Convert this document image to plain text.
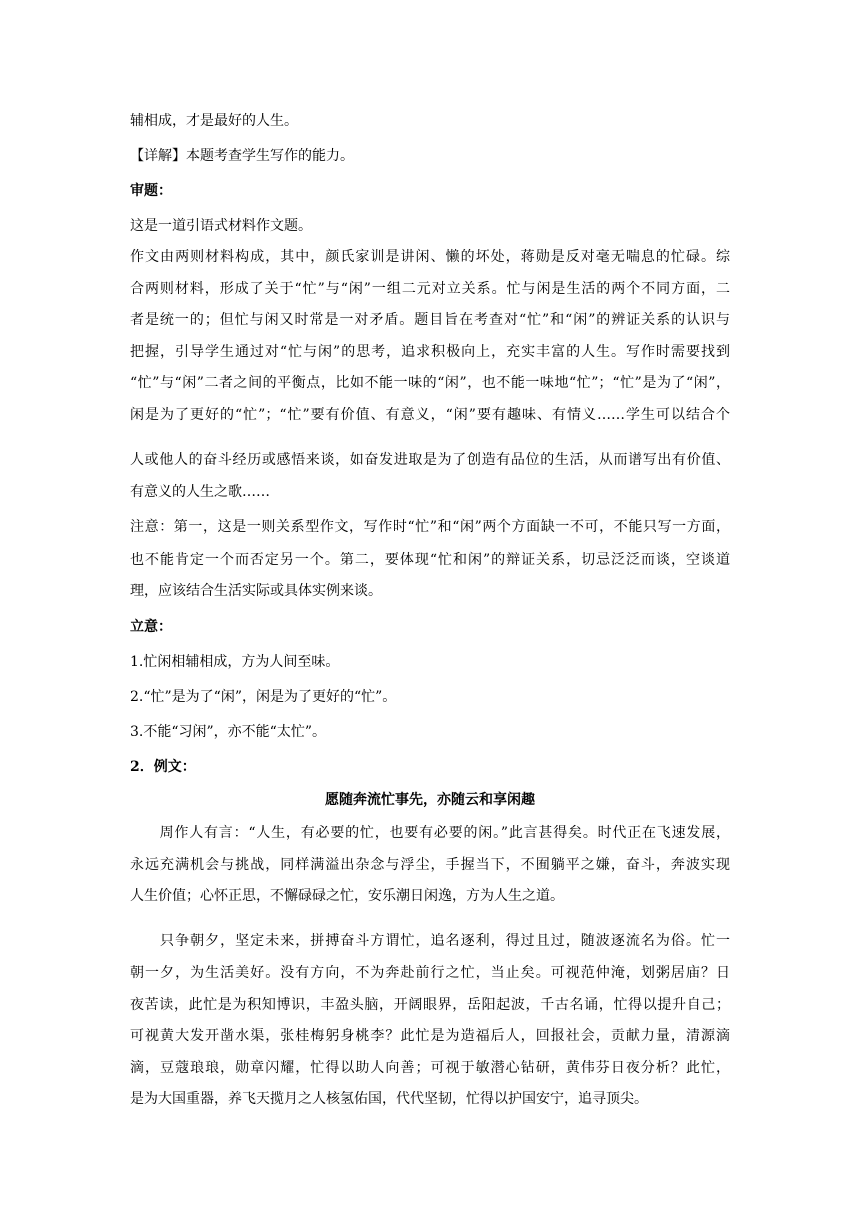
辅相成，才是最好的人生。

【详解】本题考查学生写作的能力。

审题：

这是一道引语式材料作文题。

作文由两则材料构成，其中，颜氏家训是讲闲、懒的坏处，蒋勋是反对毫无喘息的忙碌。综

合两则材料，形成了关于“忙”与“闲”一组二元对立关系。忙与闲是生活的两个不同方面，二

者是统一的；但忙与闲又时常是一对矛盾。题目旨在考查对“忙”和“闲”的辨证关系的认识与

把握，引导学生通过对“忙与闲”的思考，追求积极向上，充实丰富的人生。写作时需要找到

“忙”与“闲”二者之间的平衡点，比如不能一味的“闲”，也不能一味地“忙”；“忙”是为了“闲”，

闲是为了更好的“忙”；“忙”要有价值、有意义，“闲”要有趣味、有情义……学生可以结合个

人或他人的奋斗经历或感悟来谈，如奋发进取是为了创造有品位的生活，从而谱写出有价值、

有意义的人生之歌……

注意：第一，这是一则关系型作文，写作时“忙”和“闲”两个方面缺一不可，不能只写一方面，

也不能肯定一个而否定另一个。第二，要体现“忙和闲”的辩证关系，切忌泛泛而谈，空谈道

理，应该结合生活实际或具体实例来谈。

立意：

1.忙闲相辅相成，方为人间至味。

2.“忙”是为了“闲”，闲是为了更好的“忙”。

3.不能“习闲”，亦不能“太忙”。

2．例文：

愿随奔流忙事先，亦随云和享闲趣

　　周作人有言：“人生，有必要的忙，也要有必要的闲。”此言甚得矣。时代正在飞速发展，

永远充满机会与挑战，同样满溢出杂念与浮尘，手握当下，不囿躺平之嫌，奋斗，奔波实现

人生价值；心怀正思，不懈碌碌之忙，安乐潮日闲逸，方为人生之道。

　　只争朝夕，坚定未来，拼搏奋斗方谓忙，追名逐利，得过且过，随波逐流名为俗。忙一

朝一夕，为生活美好。没有方向，不为奔赴前行之忙，当止矣。可视范仲淹，划粥居庙？日

夜苦读，此忙是为积知博识，丰盈头脑，开阔眼界，岳阳起波，千古名诵，忙得以提升自己；

可视黄大发开凿水渠，张桂梅躬身桃李？此忙是为造福后人，回报社会，贡献力量，清源滴

滴，豆蔻琅琅，勋章闪耀，忙得以助人向善；可视于敏潜心钻研，黄伟芬日夜分析？此忙，

是为大国重器，养飞天揽月之人核氢佑国，代代坚韧，忙得以护国安宁，追寻顶尖。
